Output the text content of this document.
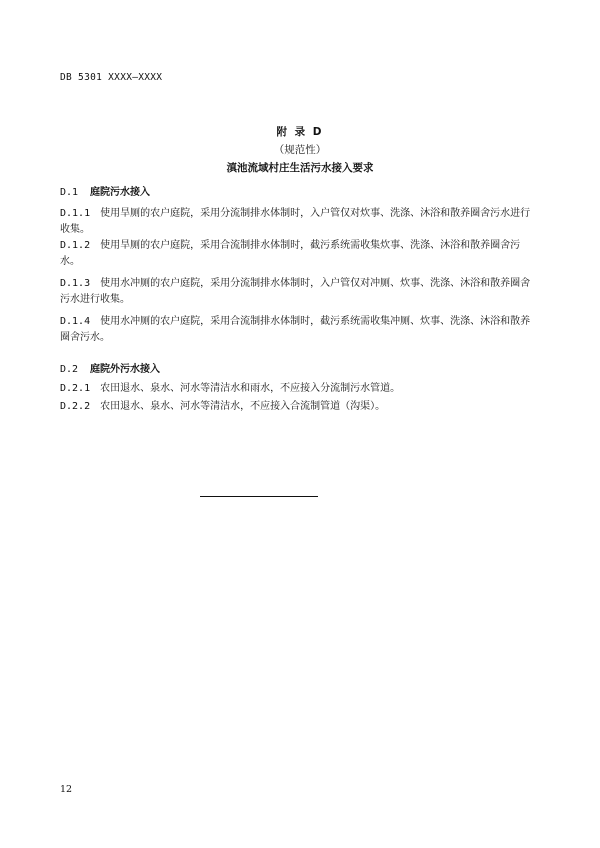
DB 5301 XXXX—XXXX
附 录 D
（规范性）
滇池流域村庄生活污水接入要求
D.1 庭院污水接入
D.1.1 使用旱厕的农户庭院，采用分流制排水体制时，入户管仅对炊事、洗涤、沐浴和散养圈舍污水进行收集。
D.1.2 使用旱厕的农户庭院，采用合流制排水体制时，截污系统需收集炊事、洗涤、沐浴和散养圈舍污水。
D.1.3 使用水冲厕的农户庭院，采用分流制排水体制时，入户管仅对冲厕、炊事、洗涤、沐浴和散养圈舍污水进行收集。
D.1.4 使用水冲厕的农户庭院，采用合流制排水体制时，截污系统需收集冲厕、炊事、洗涤、沐浴和散养圈舍污水。
D.2 庭院外污水接入
D.2.1 农田退水、泉水、河水等清洁水和雨水，不应接入分流制污水管道。
D.2.2 农田退水、泉水、河水等清洁水，不应接入合流制管道（沟渠）。
12
